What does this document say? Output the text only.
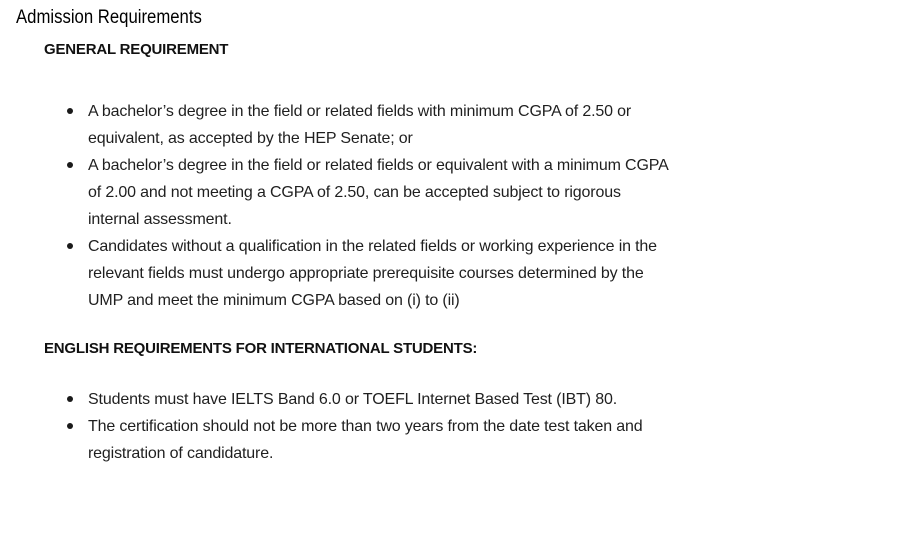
Admission Requirements
GENERAL REQUIREMENT
A bachelor’s degree in the field or related fields with minimum CGPA of 2.50 or equivalent, as accepted by the HEP Senate; or
A bachelor’s degree in the field or related fields or equivalent with a minimum CGPA of 2.00 and not meeting a CGPA of 2.50, can be accepted subject to rigorous internal assessment.
Candidates without a qualification in the related fields or working experience in the relevant fields must undergo appropriate prerequisite courses determined by the UMP and meet the minimum CGPA based on (i) to (ii)
ENGLISH REQUIREMENTS FOR INTERNATIONAL STUDENTS:
Students must have IELTS Band 6.0 or TOEFL Internet Based Test (IBT) 80.
The certification should not be more than two years from the date test taken and registration of candidature.
